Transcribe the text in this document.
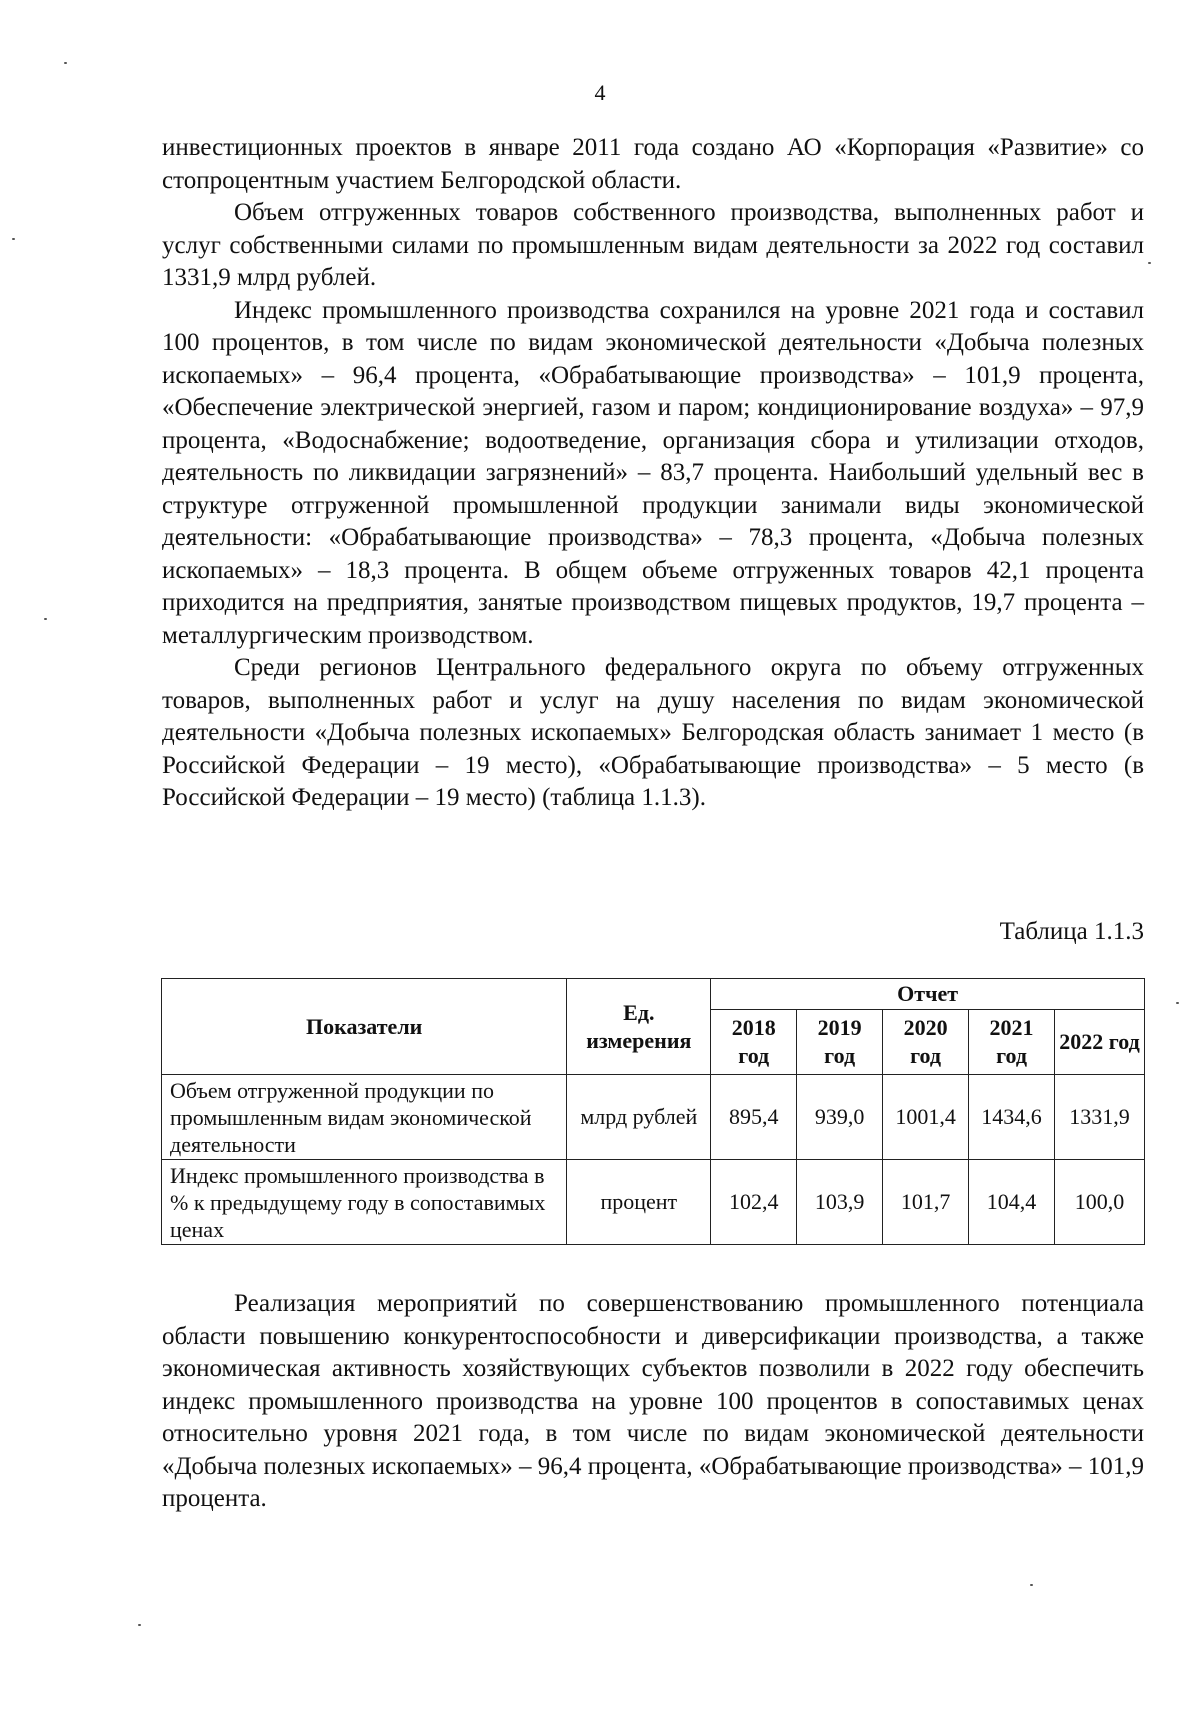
4

инвестиционных проектов в январе 2011 года создано АО «Корпорация «Развитие» со стопроцентным участием Белгородской области.

Объем отгруженных товаров собственного производства, выполненных работ и услуг собственными силами по промышленным видам деятельности за 2022 год составил 1331,9 млрд рублей.

Индекс промышленного производства сохранился на уровне 2021 года и составил 100 процентов, в том числе по видам экономической деятельности «Добыча полезных ископаемых» – 96,4 процента, «Обрабатывающие производства» – 101,9 процента, «Обеспечение электрической энергией, газом и паром; кондиционирование воздуха» – 97,9 процента, «Водоснабжение; водоотведение, организация сбора и утилизации отходов, деятельность по ликвидации загрязнений» – 83,7 процента. Наибольший удельный вес в структуре отгруженной промышленной продукции занимали виды экономической деятельности: «Обрабатывающие производства» – 78,3 процента, «Добыча полезных ископаемых» – 18,3 процента. В общем объеме отгруженных товаров 42,1 процента приходится на предприятия, занятые производством пищевых продуктов, 19,7 процента – металлургическим производством.

Среди регионов Центрального федерального округа по объему отгруженных товаров, выполненных работ и услуг на душу населения по видам экономической деятельности «Добыча полезных ископаемых» Белгородская область занимает 1 место (в Российской Федерации – 19 место), «Обрабатывающие производства» – 5 место (в Российской Федерации – 19 место) (таблица 1.1.3).

Таблица 1.1.3
Показатели	Ед. измерения	Отчет				
		2018 год	2019 год	2020 год	2021 год	2022 год
Объем отгруженной продукции по промышленным видам экономической деятельности	млрд рублей	895,4	939,0	1001,4	1434,6	1331,9
Индекс промышленного производства в % к предыдущему году в сопоставимых ценах	процент	102,4	103,9	101,7	104,4	100,0

Реализация мероприятий по совершенствованию промышленного потенциала области повышению конкурентоспособности и диверсификации производства, а также экономическая активность хозяйствующих субъектов позволили в 2022 году обеспечить индекс промышленного производства на уровне 100 процентов в сопоставимых ценах относительно уровня 2021 года, в том числе по видам экономической деятельности «Добыча полезных ископаемых» – 96,4 процента, «Обрабатывающие производства» – 101,9 процента.
